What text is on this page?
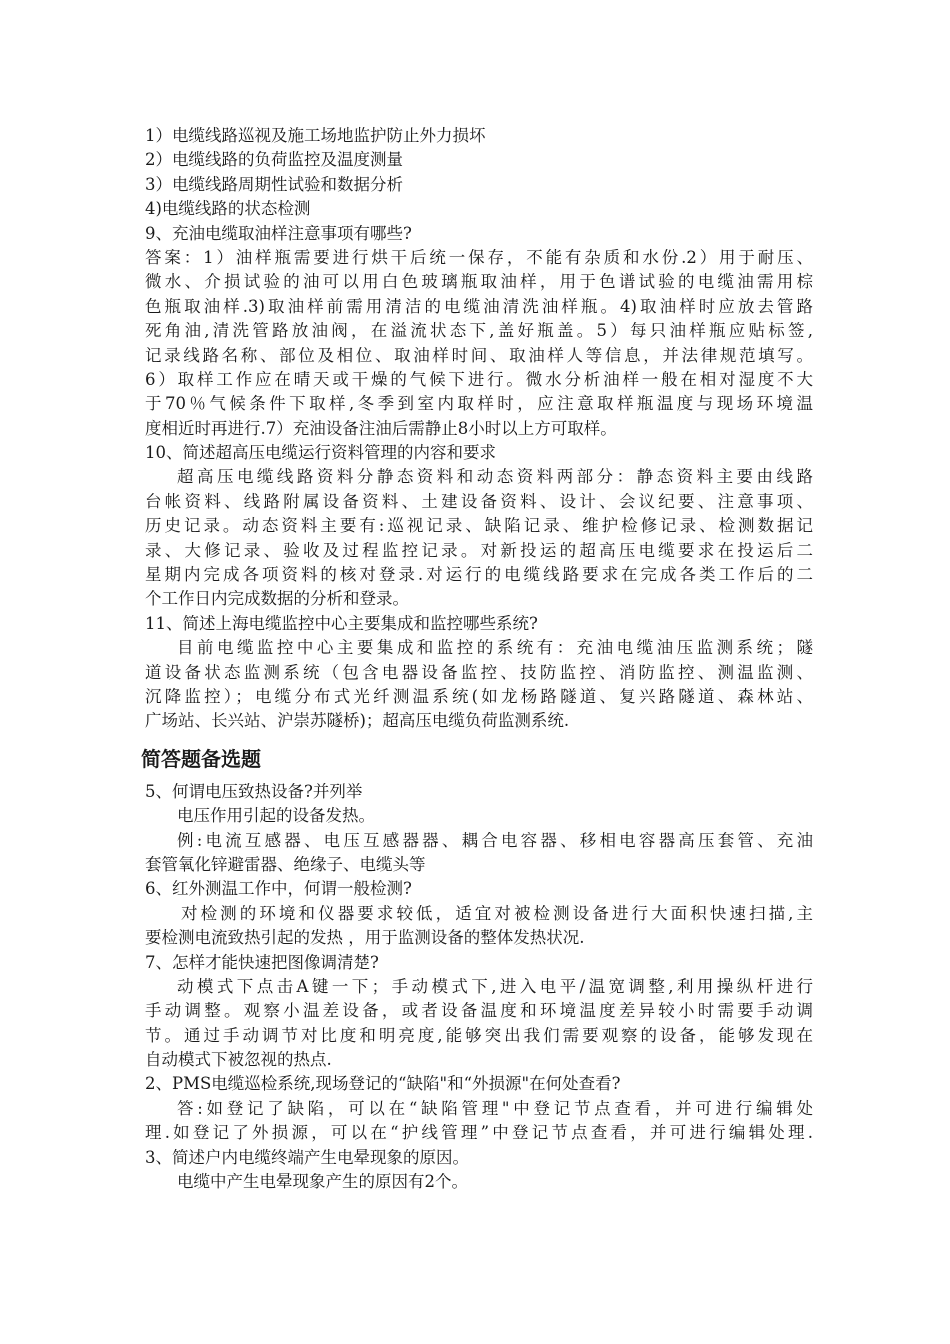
1）电缆线路巡视及施工场地监护防止外力损坏

2）电缆线路的负荷监控及温度测量

3）电缆线路周期性试验和数据分析

4)电缆线路的状态检测

9、充油电缆取油样注意事项有哪些?

答案：1）油样瓶需要进行烘干后统一保存，不能有杂质和水份.2）用于耐压、

微水、介损试验的油可以用白色玻璃瓶取油样，用于色谱试验的电缆油需用棕

色瓶取油样.3)取油样前需用清洁的电缆油清洗油样瓶。4)取油样时应放去管路

死角油,清洗管路放油阀，在溢流状态下,盖好瓶盖。5）每只油样瓶应贴标签,

记录线路名称、部位及相位、取油样时间、取油样人等信息，并法律规范填写。

6）取样工作应在晴天或干燥的气候下进行。微水分析油样一般在相对湿度不大

于70％气候条件下取样,冬季到室内取样时，应注意取样瓶温度与现场环境温

度相近时再进行.7）充油设备注油后需静止8小时以上方可取样。

10、简述超高压电缆运行资料管理的内容和要求

超高压电缆线路资料分静态资料和动态资料两部分：静态资料主要由线路

台帐资料、线路附属设备资料、土建设备资料、设计、会议纪要、注意事项、

历史记录。动态资料主要有:巡视记录、缺陷记录、维护检修记录、检测数据记

录、大修记录、验收及过程监控记录。对新投运的超高压电缆要求在投运后二

星期内完成各项资料的核对登录.对运行的电缆线路要求在完成各类工作后的二

个工作日内完成数据的分析和登录。

11、简述上海电缆监控中心主要集成和监控哪些系统?

目前电缆监控中心主要集成和监控的系统有：充油电缆油压监测系统；隧

道设备状态监测系统（包含电器设备监控、技防监控、消防监控、测温监测、

沉降监控）；电缆分布式光纤测温系统(如龙杨路隧道、复兴路隧道、森林站、

广场站、长兴站、沪崇苏隧桥)；超高压电缆负荷监测系统.

简答题备选题

5、何谓电压致热设备?并列举

电压作用引起的设备发热。

例:电流互感器、电压互感器器、耦合电容器、移相电容器高压套管、充油

套管氧化锌避雷器、绝缘子、电缆头等

6、红外测温工作中，何谓一般检测?

对检测的环境和仪器要求较低，适宜对被检测设备进行大面积快速扫描,主

要检测电流致热引起的发热 ，用于监测设备的整体发热状况.

7、怎样才能快速把图像调清楚?

动模式下点击A键一下；手动模式下,进入电平/温宽调整,利用操纵杆进行

手动调整。观察小温差设备，或者设备温度和环境温度差异较小时需要手动调

节。通过手动调节对比度和明亮度,能够突出我们需要观察的设备，能够发现在

自动模式下被忽视的热点.

2、PMS电缆巡检系统,现场登记的“缺陷"和“外损源"在何处查看?

答:如登记了缺陷，可以在“缺陷管理"中登记节点查看，并可进行编辑处

理.如登记了外损源，可以在“护线管理”中登记节点查看，并可进行编辑处理.

3、简述户内电缆终端产生电晕现象的原因。

电缆中产生电晕现象产生的原因有2个。
